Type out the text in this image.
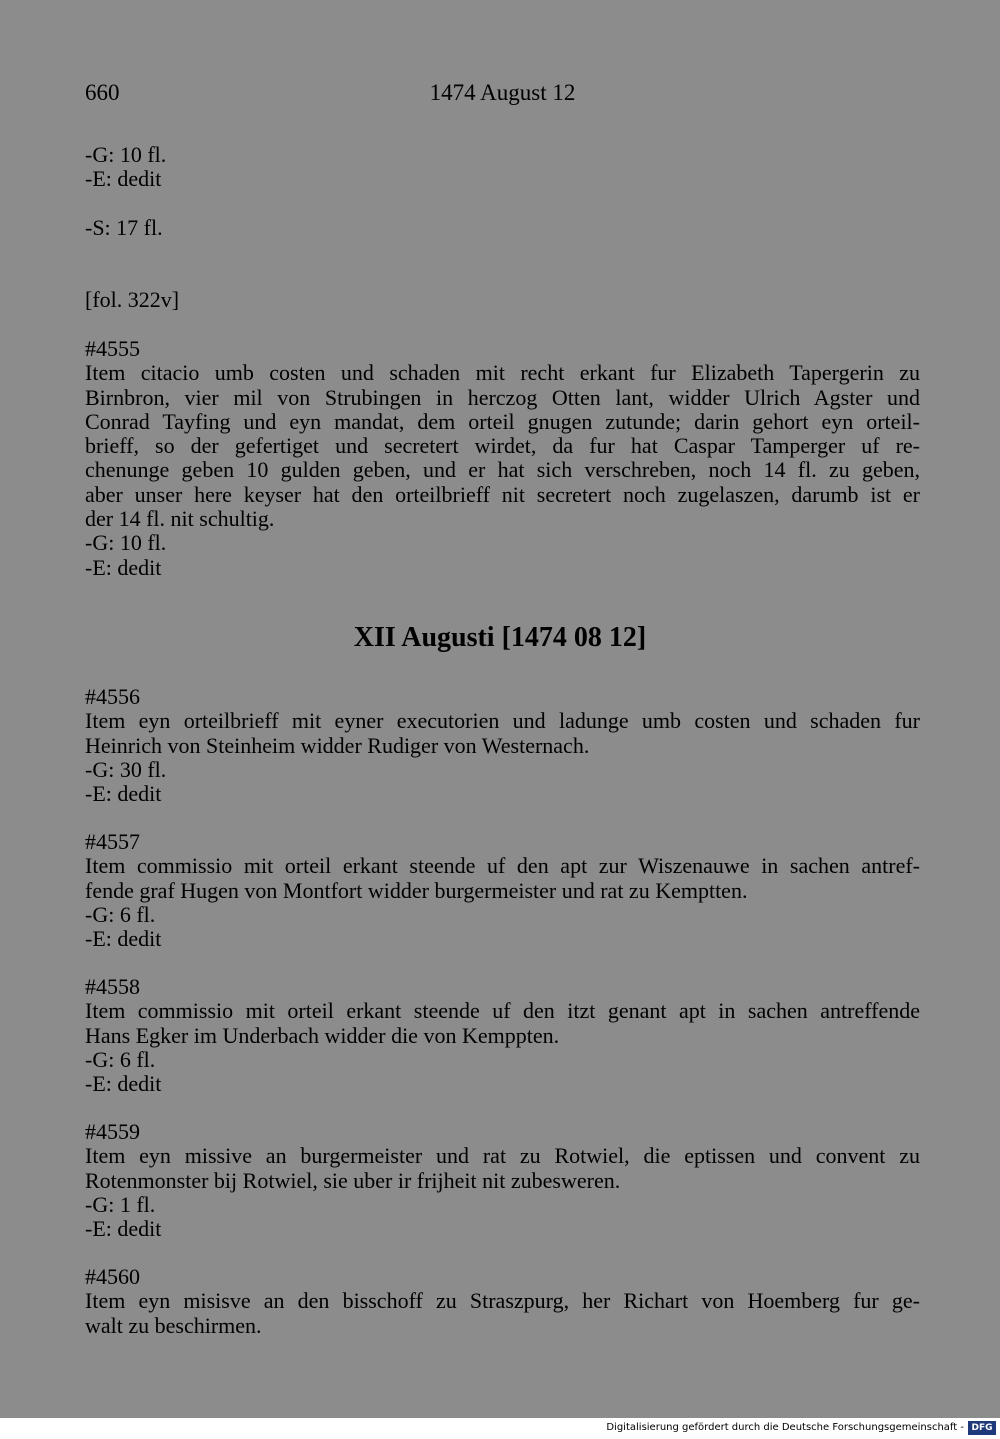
660	1474 August 12
-G: 10 fl.
-E: dedit
-S: 17 fl.
[fol. 322v]
#4555
Item citacio umb costen und schaden mit recht erkant fur Elizabeth Tapergerin zu
Birnbron, vier mil von Strubingen in herczog Otten lant, widder Ulrich Agster und
Conrad Tayfing und eyn mandat, dem orteil gnugen zutunde; darin gehort eyn orteil-
brieff, so der gefertiget und secretert wirdet, da fur hat Caspar Tamperger uf re-
chenunge geben 10 gulden geben, und er hat sich verschreben, noch 14 fl. zu geben,
aber unser here keyser hat den orteilbrieff nit secretert noch zugelaszen, darumb ist er
der 14 fl. nit schultig.
-G: 10 fl.
-E: dedit
XII Augusti [1474 08 12]
#4556
Item eyn orteilbrieff mit eyner executorien und ladunge umb costen und schaden fur
Heinrich von Steinheim widder Rudiger von Westernach.
-G: 30 fl.
-E: dedit
#4557
Item commissio mit orteil erkant steende uf den apt zur Wiszenauwe in sachen antref-
fende graf Hugen von Montfort widder burgermeister und rat zu Kemptten.
-G: 6 fl.
-E: dedit
#4558
Item commissio mit orteil erkant steende uf den itzt genant apt in sachen antreffende
Hans Egker im Underbach widder die von Kemppten.
-G: 6 fl.
-E: dedit
#4559
Item eyn missive an burgermeister und rat zu Rotwiel, die eptissen und convent zu
Rotenmonster bij Rotwiel, sie uber ir frijheit nit zubesweren.
-G: 1 fl.
-E: dedit
#4560
Item eyn misisve an den bisschoff zu Straszpurg, her Richart von Hoemberg fur ge-
walt zu beschirmen.
Digitalisierung gefördert durch die Deutsche Forschungsgemeinschaft - DFG
